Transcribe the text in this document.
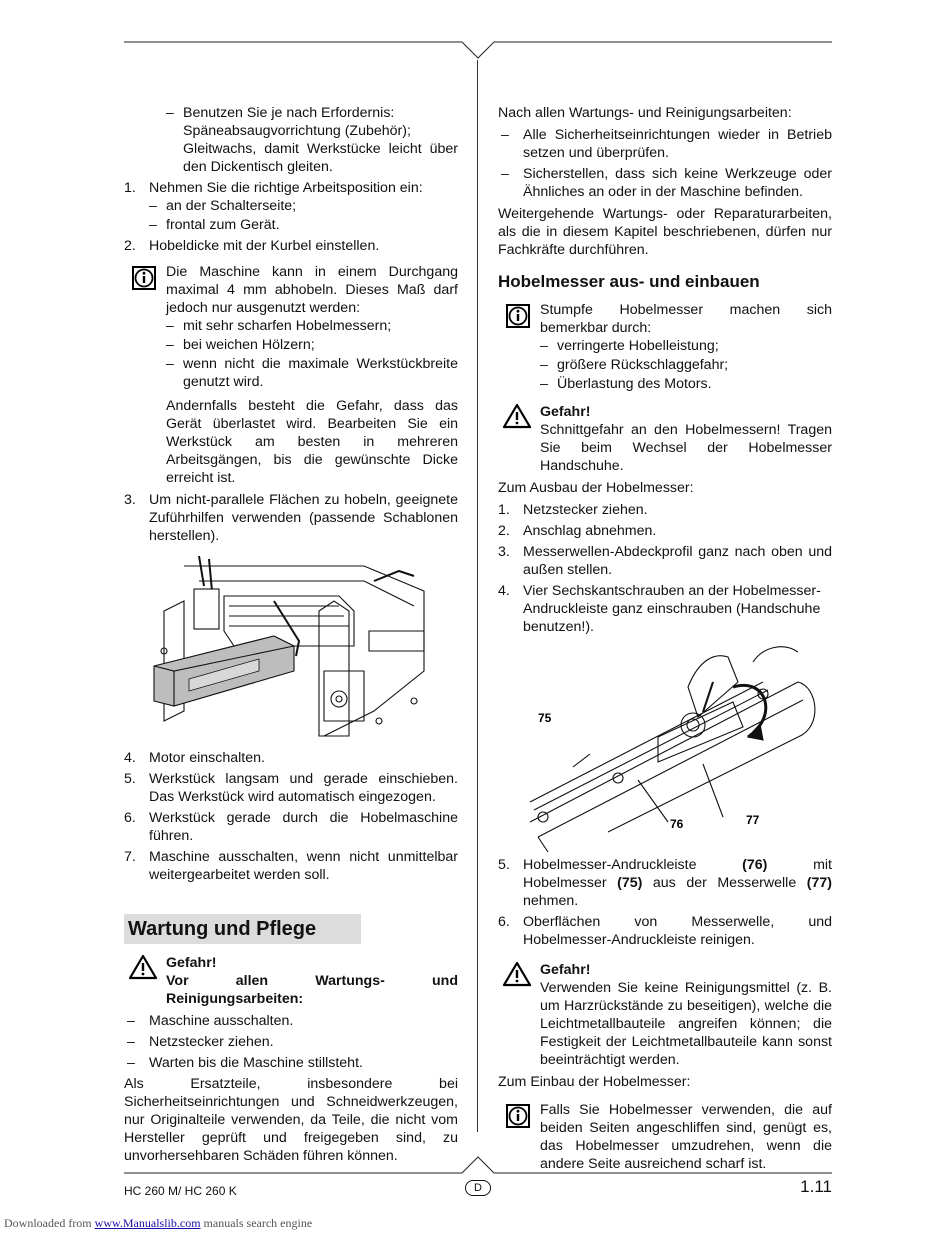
– Benutzen Sie je nach Erfordernis:

Späneabsaugvorrichtung (Zubehör);

Gleitwachs, damit Werkstücke leicht über den Dickentisch gleiten.

1. Nehmen Sie die richtige Arbeitsposition ein:

– an der Schalterseite;
– frontal zum Gerät.
2. Hobeldicke mit der Kurbel einstellen.

Die Maschine kann in einem Durchgang maximal 4 mm abhobeln. Dieses Maß darf jedoch nur ausgenutzt werden:

– mit sehr scharfen Hobelmessern;
– bei weichen Hölzern;
– wenn nicht die maximale Werkstückbreite genutzt wird.

Andernfalls besteht die Gefahr, dass das Gerät überlastet wird. Bearbeiten Sie ein Werkstück am besten in mehreren Arbeitsgängen, bis die gewünschte Dicke erreicht ist.

3. Um nicht-parallele Flächen zu hobeln, geeignete Zuführhilfen verwenden (passende Schablonen herstellen).

4. Motor einschalten.

5. Werkstück langsam und gerade einschieben. Das Werkstück wird automatisch eingezogen.

6. Werkstück gerade durch die Hobelmaschine führen.

7. Maschine ausschalten, wenn nicht unmittelbar weitergearbeitet werden soll.

Wartung und Pflege

Gefahr!

Vor allen Wartungs- und Reinigungsarbeiten:

– Maschine ausschalten.
– Netzstecker ziehen.
– Warten bis die Maschine stillsteht.

Als Ersatzteile, insbesondere bei Sicherheitseinrichtungen und Schneidwerkzeugen, nur Originalteile verwenden, da Teile, die nicht vom Hersteller geprüft und freigegeben sind, zu unvorhersehbaren Schäden führen können.

Nach allen Wartungs- und Reinigungsarbeiten:

– Alle Sicherheitseinrichtungen wieder in Betrieb setzen und überprüfen.

– Sicherstellen, dass sich keine Werkzeuge oder Ähnliches an oder in der Maschine befinden.

Weitergehende Wartungs- oder Reparaturarbeiten, als die in diesem Kapitel beschriebenen, dürfen nur Fachkräfte durchführen.

Hobelmesser aus- und einbauen

Stumpfe Hobelmesser machen sich bemerkbar durch:

– verringerte Hobelleistung;
– größere Rückschlaggefahr;
– Überlastung des Motors.

Gefahr!

Schnittgefahr an den Hobelmessern! Tragen Sie beim Wechsel der Hobelmesser Handschuhe.

Zum Ausbau der Hobelmesser:

1. Netzstecker ziehen.

2. Anschlag abnehmen.

3. Messerwellen-Abdeckprofil ganz nach oben und außen stellen.

4. Vier Sechskantschrauben an der Hobelmesser-Andruckleiste ganz einschrauben (Handschuhe benutzen!).

75
76	77
5. Hobelmesser-Andruckleiste (76) mit Hobelmesser (75) aus der Messerwelle (77) nehmen.

6. Oberflächen von Messerwelle, und Hobelmesser-Andruckleiste reinigen.

Gefahr!

Verwenden Sie keine Reinigungsmittel (z. B. um Harzrückstände zu beseitigen), welche die Leichtmetallbauteile angreifen können; die Festigkeit der Leichtmetallbauteile kann sonst beeinträchtigt werden.

Zum Einbau der Hobelmesser:

Falls Sie Hobelmesser verwenden, die auf beiden Seiten angeschliffen sind, genügt es, das Hobelmesser umzudrehen, wenn die andere Seite ausreichend scharf ist.

HC 260 M/ HC 260 K	D	1.11
Downloaded from www.Manualslib.com manuals search engine
